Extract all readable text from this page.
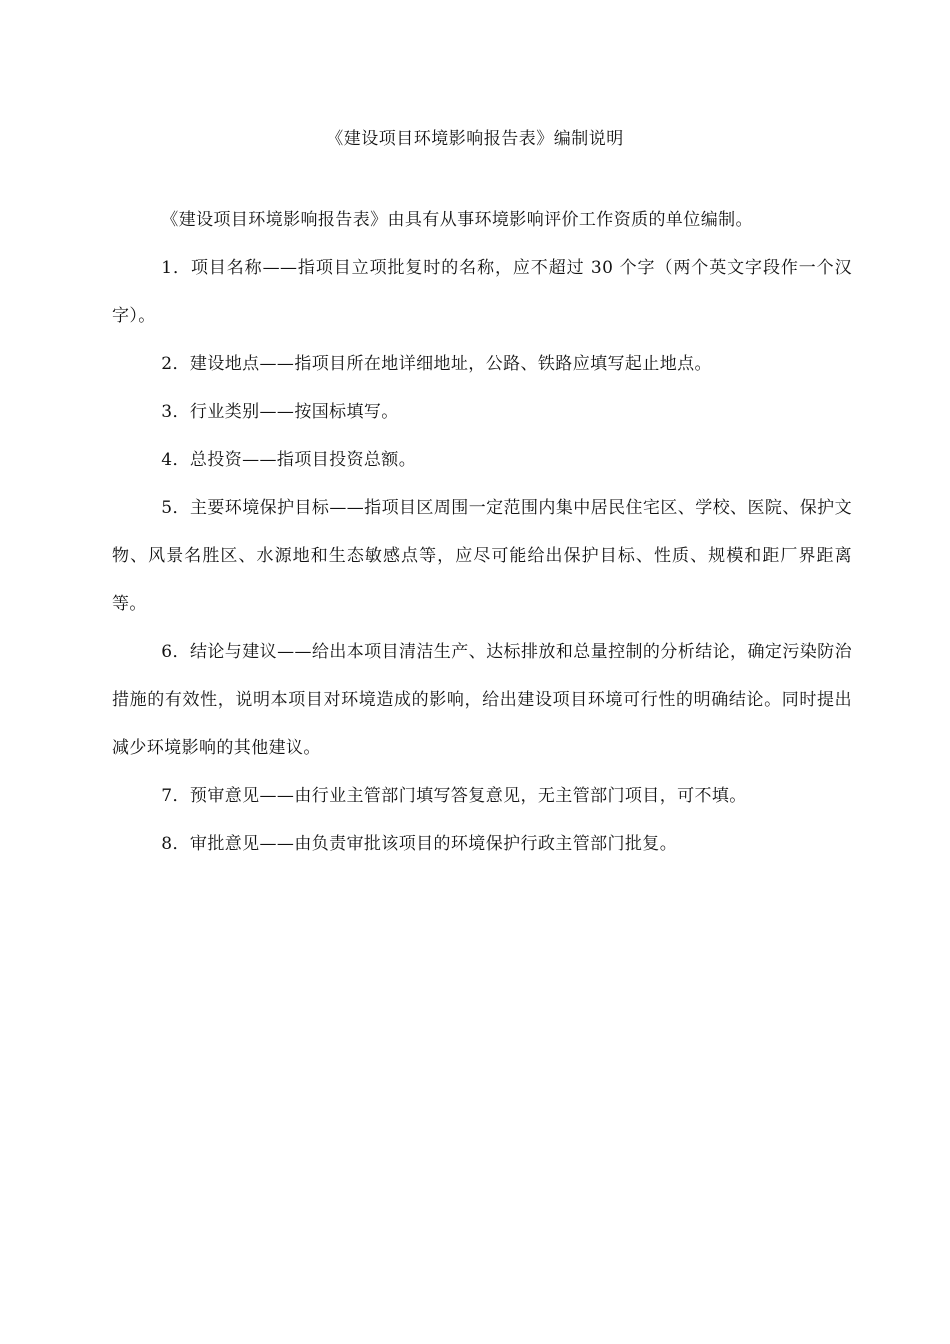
《建设项目环境影响报告表》编制说明

《建设项目环境影响报告表》由具有从事环境影响评价工作资质的单位编制。

1．项目名称——指项目立项批复时的名称，应不超过 30 个字（两个英文字段作一个汉字）。

2．建设地点——指项目所在地详细地址，公路、铁路应填写起止地点。

3．行业类别——按国标填写。

4．总投资——指项目投资总额。

5．主要环境保护目标——指项目区周围一定范围内集中居民住宅区、学校、医院、保护文物、风景名胜区、水源地和生态敏感点等，应尽可能给出保护目标、性质、规模和距厂界距离等。

6．结论与建议——给出本项目清洁生产、达标排放和总量控制的分析结论，确定污染防治措施的有效性，说明本项目对环境造成的影响，给出建设项目环境可行性的明确结论。同时提出减少环境影响的其他建议。

7．预审意见——由行业主管部门填写答复意见，无主管部门项目，可不填。

8．审批意见——由负责审批该项目的环境保护行政主管部门批复。
